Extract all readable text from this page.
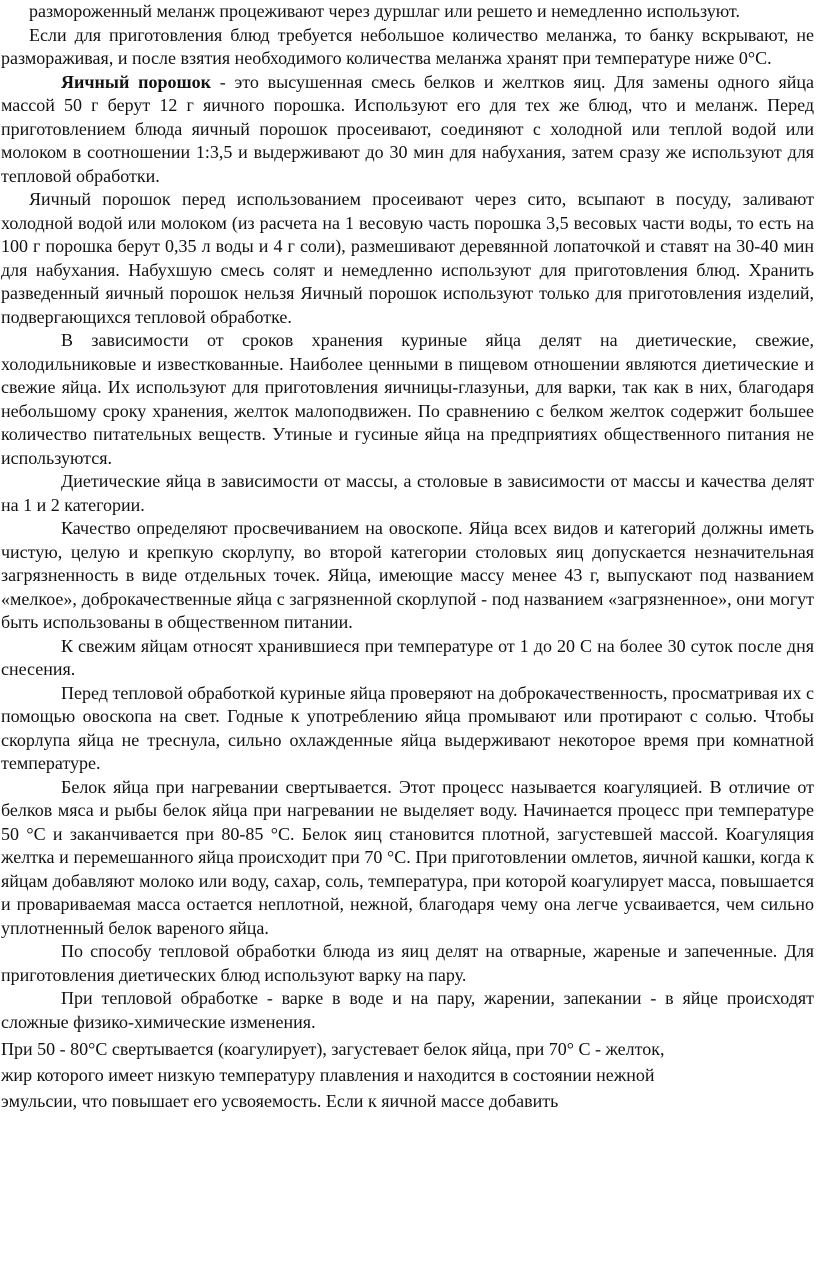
размороженный меланж процеживают через дуршлаг или решето и немедленно используют.

Если для приготовления блюд требуется небольшое количество меланжа, то банку вскрывают, не размораживая, и после взятия необходимого количества меланжа хранят при температуре ниже 0°С.

Яичный порошок - это высушенная смесь белков и желтков яиц. Для замены одного яйца массой 50 г берут 12 г яичного порошка. Используют его для тех же блюд, что и меланж. Перед приготовлением блюда яичный порошок просеивают, соединяют с холодной или теплой водой или молоком в соотношении 1:3,5 и выдерживают до 30 мин для набухания, затем сразу же используют для тепловой обработки.

Яичный порошок перед использованием просеивают через сито, всыпают в посуду, заливают холодной водой или молоком (из расчета на 1 весовую часть порошка 3,5 весовых части воды, то есть на 100 г порошка берут 0,35 л воды и 4 г соли), размешивают деревянной лопаточкой и ставят на 30-40 мин для набухания. Набухшую смесь солят и немедленно используют для приготовления блюд. Хранить разведенный яичный порошок нельзя Яичный порошок используют только для приготовления изделий, подвергающихся тепловой обработке.

В зависимости от сроков хранения куриные яйца делят на диетические, свежие, холодильниковые и известкованные. Наиболее ценными в пищевом отношении являются диетические и свежие яйца. Их используют для приготовления яичницы-глазуньи, для варки, так как в них, благодаря небольшому сроку хранения, желток малоподвижен. По сравнению с белком желток содержит большее количество питательных веществ. Утиные и гусиные яйца на предприятиях общественного питания не используются.

Диетические яйца в зависимости от массы, а столовые в зависимости от массы и качества делят на 1 и 2 категории.

Качество определяют просвечиванием на овоскопе. Яйца всех видов и категорий должны иметь чистую, целую и крепкую скорлупу, во второй категории столовых яиц допускается незначительная загрязненность в виде отдельных точек. Яйца, имеющие массу менее 43 г, выпускают под названием «мелкое», доброкачественные яйца с загрязненной скорлупой - под названием «загрязненное», они могут быть использованы в общественном питании.

К свежим яйцам относят хранившиеся при температуре от 1 до 20 С на более 30 суток после дня снесения.

Перед тепловой обработкой куриные яйца проверяют на доброкачественность, просматривая их с помощью овоскопа на свет. Годные к употреблению яйца промывают или протирают с солью. Чтобы скорлупа яйца не треснула, сильно охлажденные яйца выдерживают некоторое время при комнатной температуре.

Белок яйца при нагревании свертывается. Этот процесс называется коагуляцией. В отличие от белков мяса и рыбы белок яйца при нагревании не выделяет воду. Начинается процесс при температуре 50 °С и заканчивается при 80-85 °С. Белок яиц становится плотной, загустевшей массой. Коагуляция желтка и перемешанного яйца происходит при 70 °С. При приготовлении омлетов, яичной кашки, когда к яйцам добавляют молоко или воду, сахар, соль, температура, при которой коагулирует масса, повышается и провариваемая масса остается неплотной, нежной, благодаря чему она легче усваивается, чем сильно уплотненный белок вареного яйца.

По способу тепловой обработки блюда из яиц делят на отварные, жареные и запеченные. Для приготовления диетических блюд используют варку на пару.

При тепловой обработке - варке в воде и на пару, жарении, запекании - в яйце происходят сложные физико-химические изменения.

При 50 - 80°С свертывается (коагулирует), загустевает белок яйца, при 70° С - желток,
жир которого имеет низкую температуру плавления и находится в состоянии нежной
эмульсии, что повышает его усвояемость. Если к яичной массе добавить
